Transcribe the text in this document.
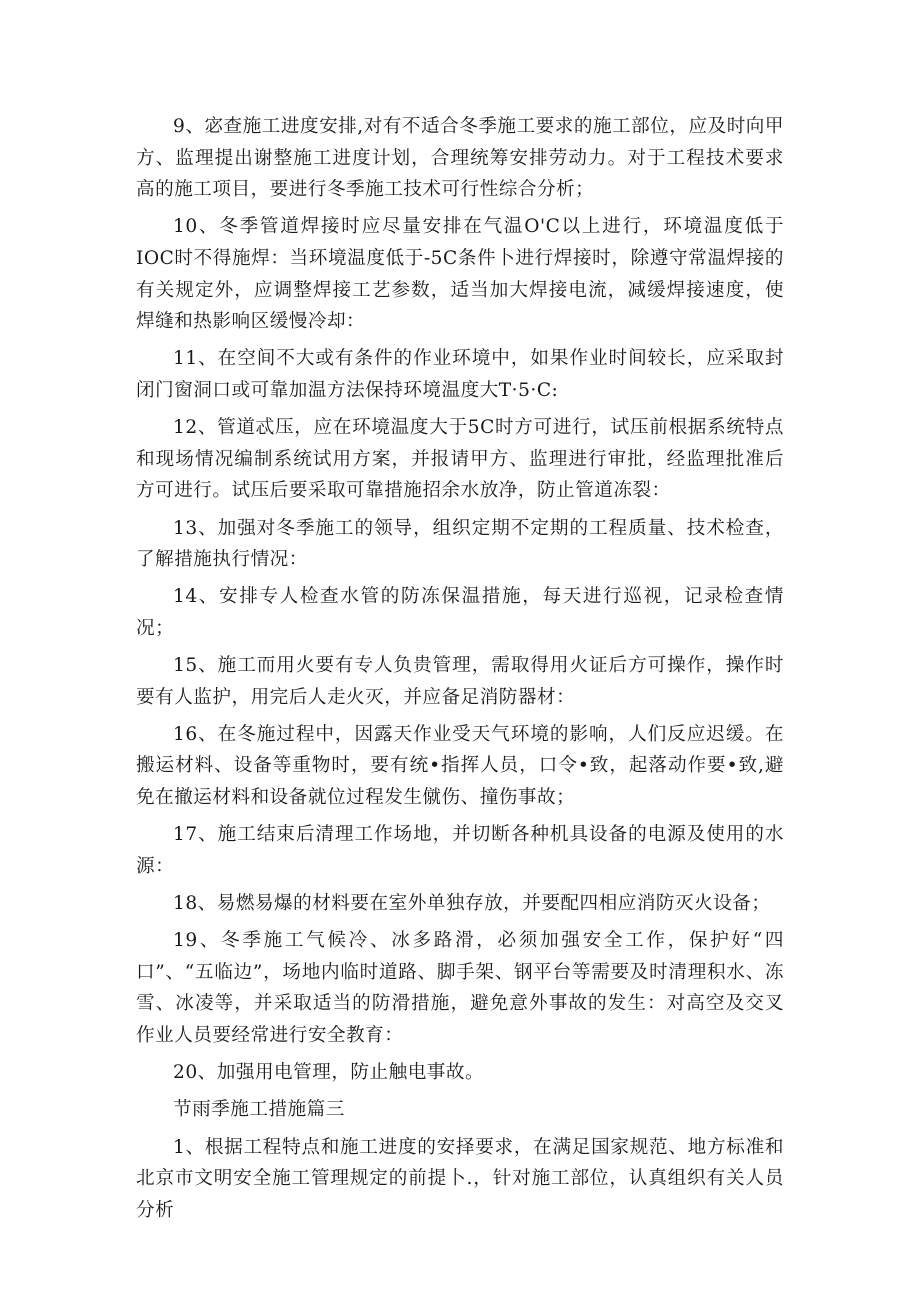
9、宓查施工进度安排,对有不适合冬季施工要求的施工部位，应及时向甲方、监理提出谢整施工进度计划，合理统筹安排劳动力。对于工程技术要求高的施工项目，要进行冬季施工技术可行性综合分析；

10、冬季管道焊接时应尽量安排在气温O'C以上进行，环境温度低于IOC时不得施焊：当环境温度低于-5C条件卜进行焊接时，除遵守常温焊接的有关规定外，应调整焊接工艺参数，适当加大焊接电流，减缓焊接速度，使焊缝和热影响区缓慢冷却：

11、在空间不大或有条件的作业环境中，如果作业时间较长，应采取封闭门窗洞口或可靠加温方法保持环境温度大T·5·C:

12、管道忒压，应在环境温度大于5C时方可进行，试压前根据系统特点和现场情况编制系统试用方案，并报请甲方、监理进行审批，经监理批准后方可进行。试压后要采取可靠措施招余水放净，防止管道冻裂：

13、加强对冬季施工的领导，组织定期不定期的工程质量、技术检查，了解措施执行情况：

14、安排专人检查水管的防冻保温措施，每天进行巡视，记录检查情况；

15、施工而用火要有专人负贵管理，需取得用火证后方可操作，操作时要有人监护，用完后人走火灭，并应备足消防器材：

16、在冬施过程中，因露天作业受天气环境的影响，人们反应迟缓。在搬运材料、设备等重物时，要有统•指挥人员，口令•致，起落动作要•致,避免在撤运材料和设备就位过程发生僦伤、撞伤事故；

17、施工结束后清理工作场地，并切断各种机具设备的电源及使用的水源：

18、易燃易爆的材料要在室外单独存放，并要配四相应消防灭火设备；

19、冬季施工气候冷、冰多路滑，必须加强安全工作，保护好“四口”、“五临边”，场地内临时道路、脚手架、钢平台等需要及时清理积水、冻雪、冰凌等，并采取适当的防滑措施，避免意外事故的发生：对高空及交叉作业人员要经常进行安全教育：

20、加强用电管理，防止触电事故。

节雨季施工措施篇三

1、根据工程特点和施工进度的安择要求，在满足国家规范、地方标准和北京市文明安全施工管理规定的前提卜.，针对施工部位，认真组织有关人员分析
